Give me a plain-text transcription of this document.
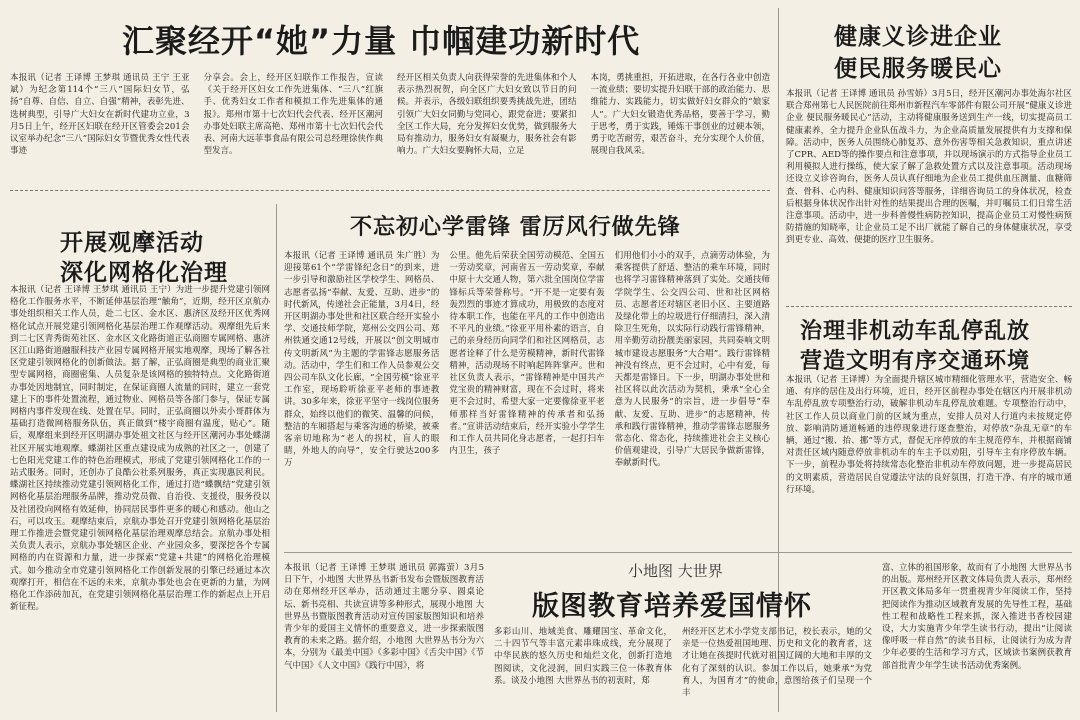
汇聚经开“她”力量 巾帼建功新时代
本报讯（记者 王译博 王梦琪 通讯员 王宁 王亚斌）为纪念第114个“三八”国际妇女节，弘扬“自尊、自信、自立、自强”精神，表彰先进、选树典型，引导广大妇女在新时代建功立业，3月5日上午，经开区妇联在经开区管委会201会议室举办纪念“三八”国际妇女节暨优秀女性代表事迹
分享会。会上，经开区妇联作工作报告，宣读《关于经开区妇女工作先进集体、“三八”红旗手、优秀妇女工作者和模拟工作先进集体的通报》。郑州市第十七次妇代会代表、经开区潮河办事处妇联主席高艳、郑州市第十七次妇代会代表、河南大远菲事食品有限公司总经理徐侠作典型发言。
经开区相关负责人向获得荣誉的先进集体和个人表示热烈祝贺，向全区广大妇女致以节日的问候。并表示，各级妇联组织要秀挑战先进，团结引领广大妇女同勤与党同心，跟党奋进；要紧扣全区工作大局，充分发挥妇女优势，做到服务大局有推动力，服务妇女有凝聚力，服务社会有影响力。广大妇女要胸怀大局，立足
本岗，勇挑重担，开拓进取，在各行各业中创造一流业绩；要切实提升妇联干部的政治能力、思维能力、实践能力，切实做好妇女群众的“娘家人”。广大妇女锻造优秀品格，要善于学习，勤于思考，勇于实践，锤炼干事创业的过硬本领，勇于吃苦耐劳，艰苦奋斗，充分实现个人价值，展现自我风采。
健康义诊进企业
便民服务暖民心
本报讯（记者 王译博 通讯员 孙雪娇）3月5日，经开区潮河办事处海尔社区联合郑州第七人民医院前往郑州市新程汽车零部件有限公司开展“健康义诊进企业 便民服务暖民心”活动，主动将健康服务送到生产一线，切实提高员工健康素养，全力提升企业队伍战斗力，为企业高质量发展提供有力支撑和保障。活动中，医务人员围绕心肺复苏、意外伤害等相关急救知识，重点讲述了CPR、AED等的操作要点和注意事项，并以现场演示的方式指导企业员工利用模拟人进行操练，使大家了解了急救处置方式以及注意事项。活动现场还设立义诊咨询台，医务人员认真仔细地为企业员工提供血压测量、血糖筛查、骨科、心内科、健康知识问答等服务，详细咨询员工的身体状况，检查后根据身体状况作出针对性的结果提出合理的医嘱，并叮嘱员工们日常生活注意事项。活动中，进一步科普慢性病防控知识，提高企业员工对慢性病预防措施的知晓率，让企业员工足不出厂就能了解自己的身体健康状况，享受到更专业、高效、便捷的医疗卫生服务。
开展观摩活动
深化网格化治理
本报讯（记者 王译博 王梦琪 通讯员 王宁）为进一步提升党建引领网格化工作服务水平，不断延伸基层治理“触角”，近期，经开区京航办事处组织相关工作人员，赴二七区、金水区、惠济区及经开区优秀网格化试点开展党建引领网格化基层治理工作观摩活动。观摩组先后来到二七区青秀街苑社区、金水区文化路街道正弘商圈专属网格、惠济区江山路街道融服科技产业园专属网格开展实地观摩，现场了解各社区党建引领网格化的创新做法。据了解，正弘商圈是典型的商业汇聚型专属网格，商圈密集、人员复杂是该网格的独特特点。文化路街道办事处因地制宜，同时制定，在保证商圈人流量的同时，建立一套党建上下的事件处置流程，通过物业、网格员等各部门参与，保证专属网格内事件发现在线、处置在早。同时，正弘商圈以外卖小哥群体为基础打造微网格服务队伍，真正做到“楼宇商圈有温度，贴心”。随后，观摩组来到经开区明湖办事处祖文社区与经开区潮河办事处蝶湖社区开展实地观摩。蝶湖社区重点建设成为成熟的社区之一，创建了七色阳光党建工作的特色治理模式，形成了党建引领网格化工作的一站式服务。同时，还创办了良酷公社系列服务，真正实现惠民利民。蝶湖社区持续推动党建引领网格化工作，通过打造“蝶飘结”党建引领网格化基层治理服务品牌，推动党员微、自治役、支援役，服务役以及社团役向网格有效延伸，协同居民事件更多的暖心和感动。他山之石，可以攻玉。观摩结束后，京航办事处召开党建引领网格化基层治理工作推进会暨党建引领网格化基层治理观摩总结会。京航办事处相关负责人表示，京航办事处辖区企业、产业园众多，要深挖各个专属网格的内在资源和力量，进一步探索“党建+共建”的网格化治理模式。如今推动全市党建引领网格化工作创新发展的引擎已经通过本次观摩打开，相信在不远的未来，京航办事处也会在更新的力量，为网格化工作添砖加瓦，在党建引领网格化基层治理工作的新起点上开启新征程。
不忘初心学雷锋 雷厉风行做先锋
本报讯（记者 王译博 通讯员 朱广胜）为迎接第61个“学雷锋纪念日”的到来，进一步引导和激励社区学校学生、网格员、志愿者弘扬“奉献、友爱、互助、进步”的时代新风，传递社会正能量，3月4日，经开区明湖办事处世和社区联合经开实验小学、交通技师学院，郑州公交四公司、郑州铁通交通12号线，开展以“创文明城市 传文明新风”为主题的学雷锋志愿服务活动。活动中，学生们和工作人员参观公交四公司车队文化长廊，“全国劳模”徐亚平工作室，现场聆听徐亚平老师的事迹教讲。30多年来，徐亚平坚守一线岗位服务群众，始终以他们的微笑、温馨的问候，整洁的车厢搭起与乘客沟通的桥梁，被乘客亲切地称为“老人的拐杖，盲人的眼睛，外地人的向导”，安全行驶达200多万
公里。他先后荣获全国劳动模范、全国五一劳动奖章，河南省五一劳动奖章，奉献中原十大交通人物，第六批全国岗位学雷锋标兵等荣誉称号。“开不是一定要有轰轰烈烈的事迹才算成功，用极致的态度对待本职工作，也能在平凡的工作中创造出不平凡的业绩。”徐亚平用朴素的语言，自己的亲身经历向同学们和社区网格员，志愿者诠释了什么是劳模精神，新时代雷锋精神，活动现场不时响起阵阵掌声。世和社区负责人表示，“雷锋精神是中国共产党宝贵的精神财富，现在不会过时，将来更不会过时，希望大家一定要像徐亚平老师那样当好雷锋精神的传承者和弘扬者。”宣讲活动结束后，经开实验小学学生和工作人员共同化身志愿者，一起打扫车内卫生，孩子
们用他们小小的双手，点滴劳动体验，为乘客提供了舒适、整洁的乘车环境，同时也将学习雷锋精神落到了实处。交通技师学院学生、公交四公司、世和社区网格员、志愿者还对辖区老旧小区、主要道路及绿化带上的垃圾进行仔细清扫，深入清除卫生死角，以实际行动践行雷锋精神，用辛勤劳动扮靓美丽家园，共同奏响文明城市建设志愿服务“大合唱”。践行雷锋精神没有终点，更不会过时，心中有爱，每天都是雷锋日。下一步，明湖办事处世和社区将以此次活动为契机，秉承“全心全意为人民服务”的宗旨，进一步倡导“奉献、友爱、互助、进步”的志愿精神，传承和践行雷锋精神，推动学雷锋志愿服务常态化、常态化，持续推进社会主义核心价值观建设，引导广大居民争做新雷锋，奉献新时代。
治理非机动车乱停乱放
营造文明有序交通环境
本报讯（记者 王译博）为全面提升辖区城市精细化管理水平，营造安全、畅通、有序的居住及出行环境，近日，经开区前程办事处在辖区内开展非机动车乱停乱放专项整治行动，破解非机动车乱停乱放难题。专项整治行动中，社区工作人员以商业门前的区域为重点，安排人员对人行道内未按规定停放、影响消防通道畅通的违停现象进行逐查整治，对停放“杂乱无章”的车辆，通过“搬、抬、挪”等方式，督促无序停放的车主规范停车，并根据商铺对责任区域内随意停放非机动车的车主予以劝阻，引导车主有序停放车辆。下一步，前程办事处将持续常态化整治非机动车停放问题，进一步提高居民的文明素质，营造居民自觉遵法守法的良好氛围，打造干净、有序的城市通行环境。
小地图 大世界
版图教育培养爱国情怀
本报讯（记者 王译博 王梦琪 通讯员 郭露萤）3月5日下午，小地图 大世界丛书新书发布会暨版图教育活动在郑州经开区举办，活动通过主题分享、圆桌论坛、新书亮相、共读宣讲等多种形式，展现小地图 大世界丛书暨版图教育活动对宣传国家版图知识和培养青少年的爱国主义情怀的重要意义，进一步探索版图教育的未来之路。据介绍，小地图 大世界丛书分为六本，分别为《最美中国》《多彩中国》《舌尖中国》《节气中国》《人文中国》《践行中国》，将
多彩山川、地域美食、雕耀国宝、革命文化，二十四节气等丰富元素串珠成线，充分展现了中华民族的悠久历史和灿烂文化，创新打造地图阅读，文化浸润，回归实践三位一体教育体系。谈及小地图 大世界丛书的初衷时，郑
州经开区艺术小学党支部书记，校长表示，她的父亲是一位热爱祖国地理、历史和文化的教育者，这才让她在孩提时代就对祖国辽阔的大地和丰厚的文化有了深刻的认识。参加工作以后，她秉承“为党育人，为国育才”的使命，意图给孩子们呈现一个丰
富、立体的祖国形象，故而有了小地图 大世界丛书的出版。郑州经开区教文体局负责人表示，郑州经开区教文体局多年一贯重视青少年阅读工作，坚持把阅读作为推动区域教育发展的先导性工程，基础性工程和战略性工程来抓，深入推进书香校园建设，大力实施青少年学生读书行动，提出“让阅读像呼吸一样自然”的读书目标，让阅读行为成为青少年必要的生活和学习方式，区域读书案例获教育部首批青少年学生读书活动优秀案例。
